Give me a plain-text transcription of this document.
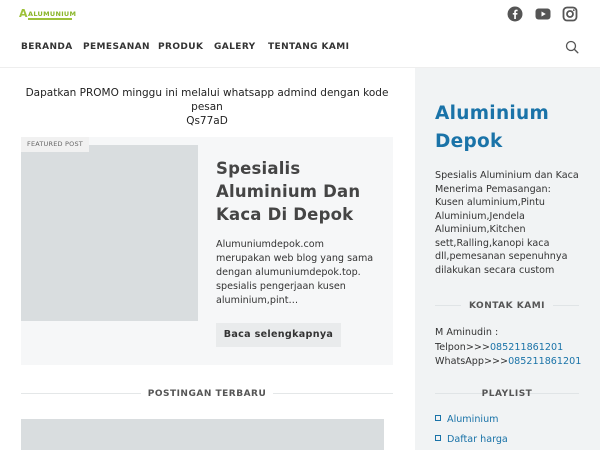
A ALUMUNIUM
BERANDA PEMESANAN PRODUK GALERY TENTANG KAMI
Dapatkan PROMO minggu ini melalui whatsapp admind dengan kode pesan
Qs77aD
FEATURED POST
Spesialis
Aluminium Dan
Kaca Di Depok
Alumuniumdepok.com
merupakan web blog yang sama
dengan alumuniumdepok.top.
spesialis pengerjaan kusen
aluminium,pint…
Baca selengkapnya
POSTINGAN TERBARU
Aluminium
Depok
Spesialis Aluminium dan Kaca
Menerima Pemasangan:
Kusen aluminium,Pintu
Aluminium,Jendela
Aluminium,Kitchen
sett,Ralling,kanopi kaca
dll,pemesanan sepenuhnya
dilakukan secara custom
KONTAK KAMI
M Aminudin :
Telpon>>>085211861201
WhatsApp>>>085211861201
PLAYLIST
Aluminium
Daftar harga
